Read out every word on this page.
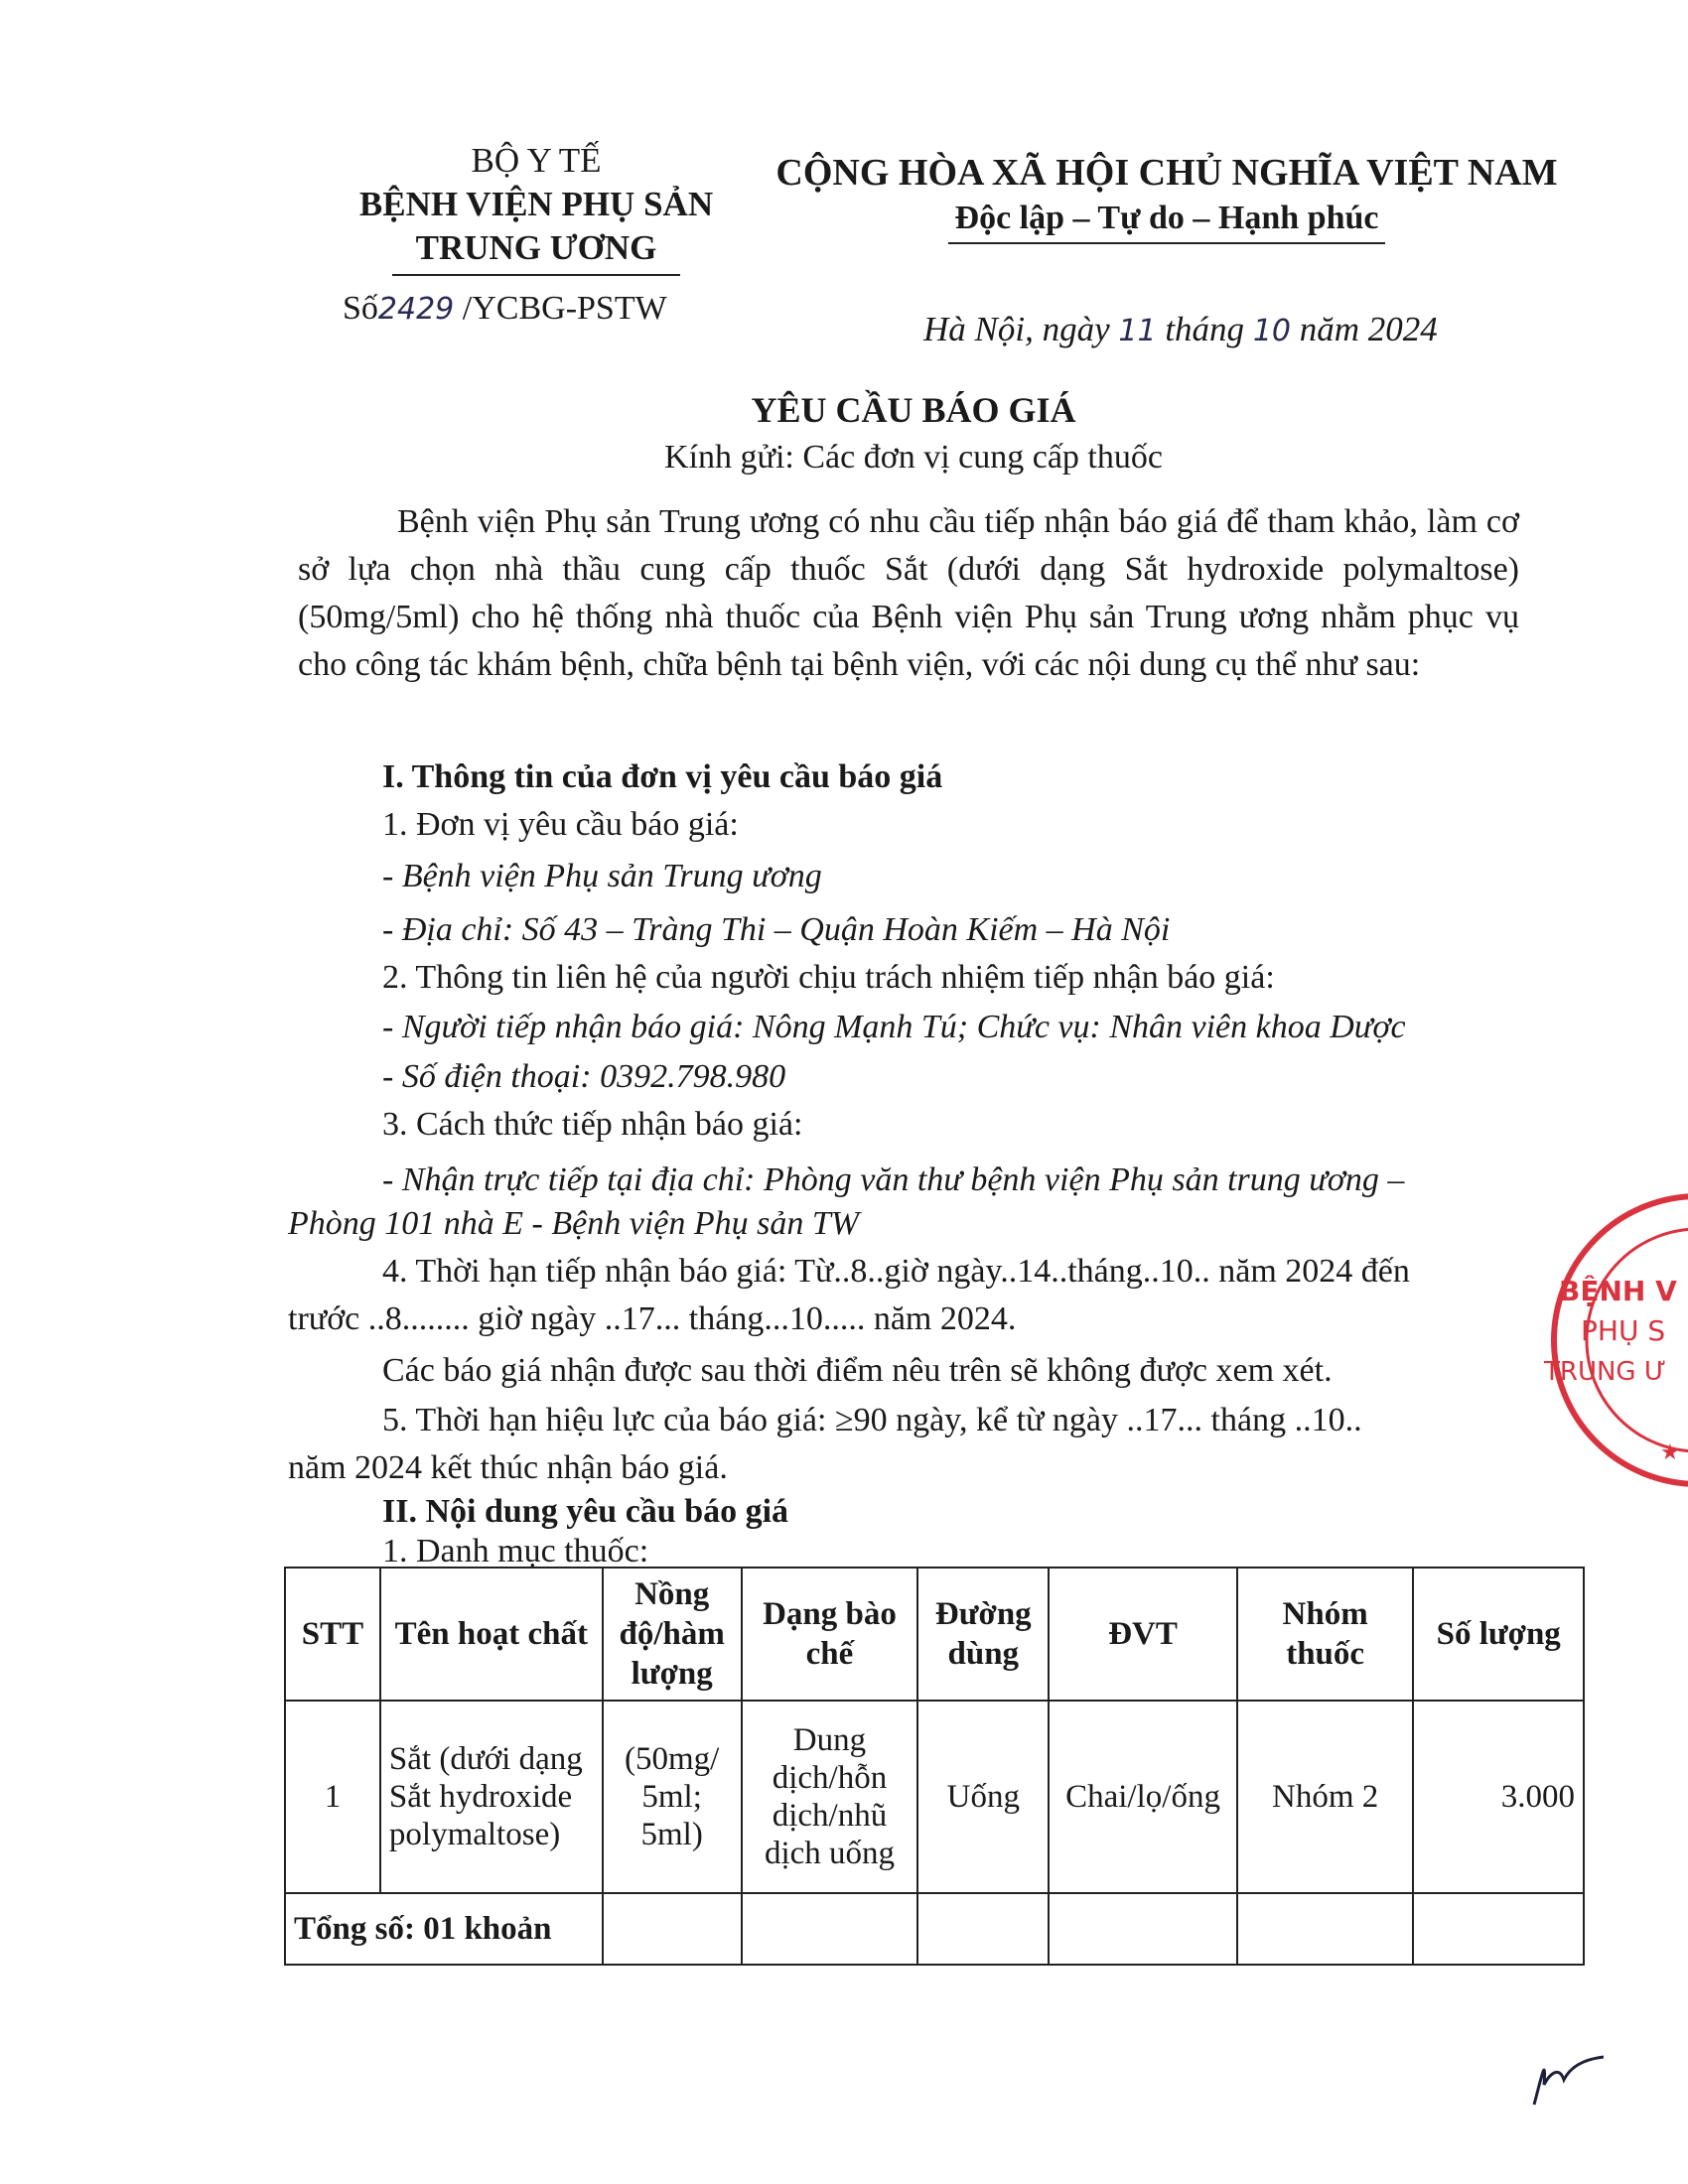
BỘ Y TẾ
BỆNH VIỆN PHỤ SẢN
TRUNG ƯƠNG
CỘNG HÒA XÃ HỘI CHỦ NGHĨA VIỆT NAM
Độc lập – Tự do – Hạnh phúc
Số2429 /YCBG-PSTW
Hà Nội, ngày 11 tháng 10 năm 2024
YÊU CẦU BÁO GIÁ
Kính gửi: Các đơn vị cung cấp thuốc
Bệnh viện Phụ sản Trung ương có nhu cầu tiếp nhận báo giá để tham khảo, làm cơ sở lựa chọn nhà thầu cung cấp thuốc Sắt (dưới dạng Sắt hydroxide polymaltose) (50mg/5ml) cho hệ thống nhà thuốc của Bệnh viện Phụ sản Trung ương nhằm phục vụ cho công tác khám bệnh, chữa bệnh tại bệnh viện, với các nội dung cụ thể như sau:
I. Thông tin của đơn vị yêu cầu báo giá
1. Đơn vị yêu cầu báo giá:
- Bệnh viện Phụ sản Trung ương
- Địa chỉ: Số 43 – Tràng Thi – Quận Hoàn Kiếm – Hà Nội
2. Thông tin liên hệ của người chịu trách nhiệm tiếp nhận báo giá:
- Người tiếp nhận báo giá: Nông Mạnh Tú; Chức vụ: Nhân viên khoa Dược
- Số điện thoại: 0392.798.980
3. Cách thức tiếp nhận báo giá:
- Nhận trực tiếp tại địa chỉ: Phòng văn thư bệnh viện Phụ sản trung ương –
Phòng 101 nhà E - Bệnh viện Phụ sản TW
4. Thời hạn tiếp nhận báo giá: Từ..8..giờ ngày..14..tháng..10.. năm 2024 đến
trước ..8........ giờ ngày ..17... tháng...10..... năm 2024.
Các báo giá nhận được sau thời điểm nêu trên sẽ không được xem xét.
5. Thời hạn hiệu lực của báo giá: ≥90 ngày, kể từ ngày ..17... tháng ..10..
năm 2024 kết thúc nhận báo giá.
II. Nội dung yêu cầu báo giá
1. Danh mục thuốc:
STT	Tên hoạt chất	Nồng độ/hàm lượng	Dạng bào chế	Đường dùng	ĐVT	Nhóm thuốc	Số lượng
1	Sắt (dưới dạng Sắt hydroxide polymaltose)	(50mg/ 5ml; 5ml)	Dung dịch/hỗn dịch/nhũ dịch uống	Uống	Chai/lọ/ống	Nhóm 2	3.000
Tổng số: 01 khoản							
BỆNH V
PHỤ S
TRUNG Ư
★
